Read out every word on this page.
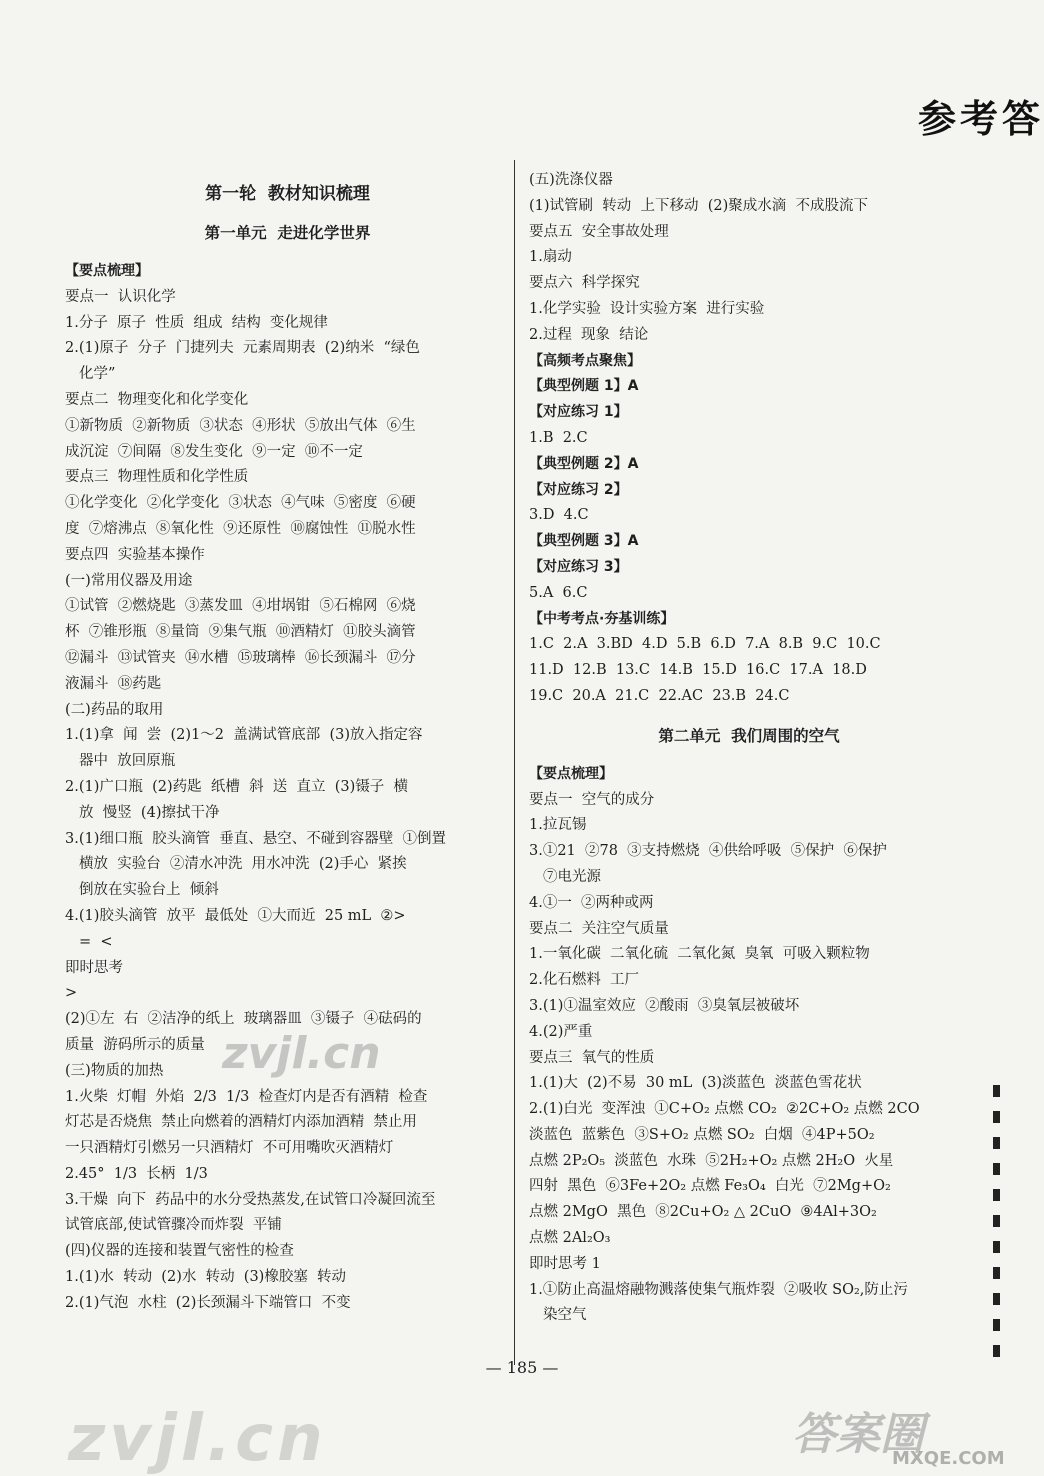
参考答
第一轮  教材知识梳理
第一单元  走进化学世界
【要点梳理】
要点一  认识化学
1.分子  原子  性质  组成  结构  变化规律
2.(1)原子  分子  门捷列夫  元素周期表  (2)纳米  “绿色
化学”
要点二  物理变化和化学变化
①新物质  ②新物质  ③状态  ④形状  ⑤放出气体  ⑥生
成沉淀  ⑦间隔  ⑧发生变化  ⑨一定  ⑩不一定
要点三  物理性质和化学性质
①化学变化  ②化学变化  ③状态  ④气味  ⑤密度  ⑥硬
度  ⑦熔沸点  ⑧氧化性  ⑨还原性  ⑩腐蚀性  ⑪脱水性
要点四  实验基本操作
(一)常用仪器及用途
①试管  ②燃烧匙  ③蒸发皿  ④坩埚钳  ⑤石棉网  ⑥烧
杯  ⑦锥形瓶  ⑧量筒  ⑨集气瓶  ⑩酒精灯  ⑪胶头滴管
⑫漏斗  ⑬试管夹  ⑭水槽  ⑮玻璃棒  ⑯长颈漏斗  ⑰分
液漏斗  ⑱药匙
(二)药品的取用
1.(1)拿  闻  尝  (2)1～2  盖满试管底部  (3)放入指定容
器中  放回原瓶
2.(1)广口瓶  (2)药匙  纸槽  斜  送  直立  (3)镊子  横
放  慢竖  (4)擦拭干净
3.(1)细口瓶  胶头滴管  垂直、悬空、不碰到容器壁  ①倒置
横放  实验台  ②清水冲洗  用水冲洗  (2)手心  紧挨
倒放在实验台上  倾斜
4.(1)胶头滴管  放平  最低处  ①大而近  25 mL  ②>
=  <
即时思考
>
(2)①左  右  ②洁净的纸上  玻璃器皿  ③镊子  ④砝码的
质量  游码所示的质量
(三)物质的加热
1.火柴  灯帽  外焰  2/3  1/3  检查灯内是否有酒精  检查
灯芯是否烧焦  禁止向燃着的酒精灯内添加酒精  禁止用
一只酒精灯引燃另一只酒精灯  不可用嘴吹灭酒精灯
2.45°  1/3  长柄  1/3
3.干燥  向下  药品中的水分受热蒸发,在试管口冷凝回流至
试管底部,使试管骤冷而炸裂  平铺
(四)仪器的连接和装置气密性的检查
1.(1)水  转动  (2)水  转动  (3)橡胶塞  转动
2.(1)气泡  水柱  (2)长颈漏斗下端管口  不变
(五)洗涤仪器
(1)试管刷  转动  上下移动  (2)聚成水滴  不成股流下
要点五  安全事故处理
1.扇动
要点六  科学探究
1.化学实验  设计实验方案  进行实验
2.过程  现象  结论
【高频考点聚焦】
【典型例题 1】A
【对应练习 1】
1.B  2.C
【典型例题 2】A
【对应练习 2】
3.D  4.C
【典型例题 3】A
【对应练习 3】
5.A  6.C
【中考考点·夯基训练】
1.C  2.A  3.BD  4.D  5.B  6.D  7.A  8.B  9.C  10.C
11.D  12.B  13.C  14.B  15.D  16.C  17.A  18.D
19.C  20.A  21.C  22.AC  23.B  24.C
第二单元  我们周围的空气
【要点梳理】
要点一  空气的成分
1.拉瓦锡
3.①21  ②78  ③支持燃烧  ④供给呼吸  ⑤保护  ⑥保护
⑦电光源
4.①一  ②两种或两
要点二  关注空气质量
1.一氧化碳  二氧化硫  二氧化氮  臭氧  可吸入颗粒物
2.化石燃料  工厂
3.(1)①温室效应  ②酸雨  ③臭氧层被破坏
4.(2)严重
要点三  氧气的性质
1.(1)大  (2)不易  30 mL  (3)淡蓝色  淡蓝色雪花状
2.(1)白光  变浑浊  ①C+O₂ 点燃 CO₂  ②2C+O₂ 点燃 2CO
淡蓝色  蓝紫色  ③S+O₂ 点燃 SO₂  白烟  ④4P+5O₂
点燃 2P₂O₅  淡蓝色  水珠  ⑤2H₂+O₂ 点燃 2H₂O  火星
四射  黑色  ⑥3Fe+2O₂ 点燃 Fe₃O₄  白光  ⑦2Mg+O₂
点燃 2MgO  黑色  ⑧2Cu+O₂ △ 2CuO  ⑨4Al+3O₂
点燃 2Al₂O₃
即时思考 1
1.①防止高温熔融物溅落使集气瓶炸裂  ②吸收 SO₂,防止污
染空气
— 185 —
zvjl.cn
zvjl.cn	答案圈
MXQE.COM
